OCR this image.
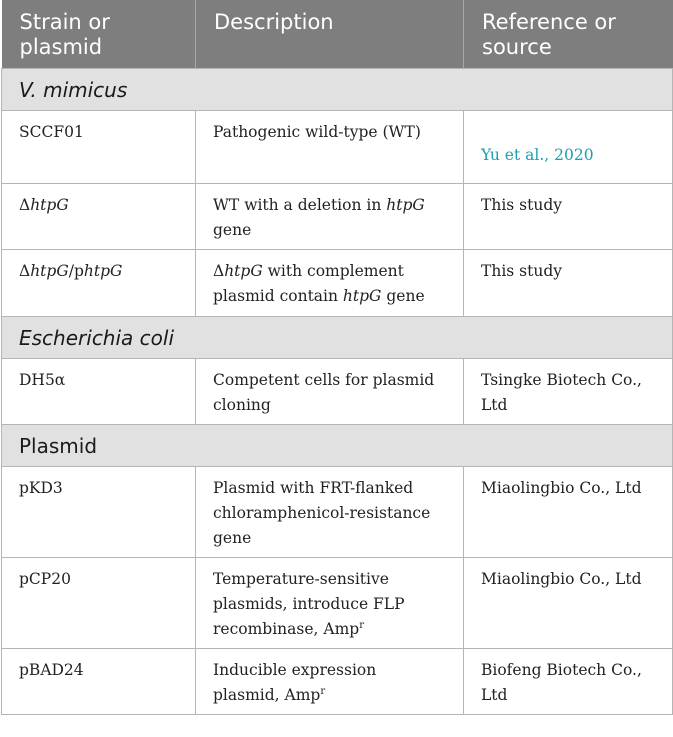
Strain or plasmid	Description	Reference or source
V. mimicus		
SCCF01	Pathogenic wild-type (WT)	Yu et al., 2020

ΔhtpG	WT with a deletion in htpG gene	This study
ΔhtpG/phtpG	ΔhtpG with complement plasmid contain htpG gene	This study
Escherichia coli		
DH5α	Competent cells for plasmid cloning	Tsingke Biotech Co., Ltd
Plasmid		
pKD3	Plasmid with FRT-flanked chloramphenicol-resistance gene	Miaolingbio Co., Ltd
pCP20	Temperature-sensitive plasmids, introduce FLP recombinase, Amp$^r$	Miaolingbio Co., Ltd
pBAD24	Inducible expression plasmid, Amp$^r$	Biofeng Biotech Co., Ltd
